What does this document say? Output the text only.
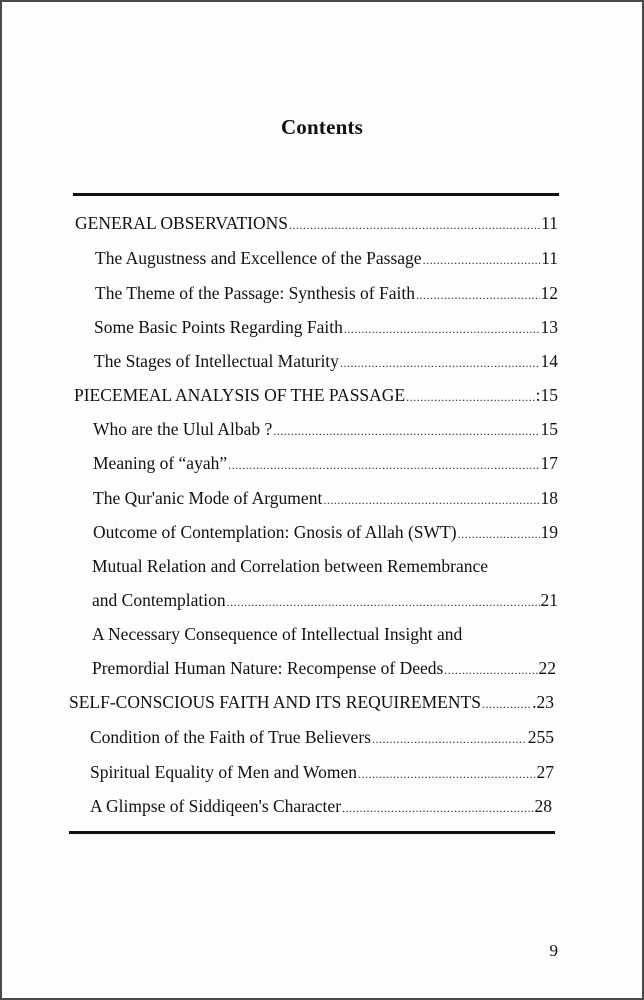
Contents
GENERAL OBSERVATIONS .....	11
The Augustness and Excellence of the Passage .....	11
The Theme of the Passage: Synthesis of Faith .....	12
Some Basic Points Regarding Faith .....	13
The Stages of Intellectual Maturity .....	14
PIECEMEAL ANALYSIS OF THE PASSAGE .....	:15
Who are the Ulul Albab ? .....	15
Meaning of “ayah” .....	17
The Qur'anic Mode of Argument .....	18
Outcome of Contemplation: Gnosis of Allah (SWT) .....	19
Mutual Relation and Correlation between Remembrance
and Contemplation .....	21
A Necessary Consequence of Intellectual Insight and
Premordial Human Nature: Recompense of Deeds .....	22
SELF-CONSCIOUS FAITH AND ITS REQUIREMENTS .....	.23
Condition of the Faith of True Believers .....	255
Spiritual Equality of Men and Women .....	27
A Glimpse of Siddiqeen's Character .....	28
9
